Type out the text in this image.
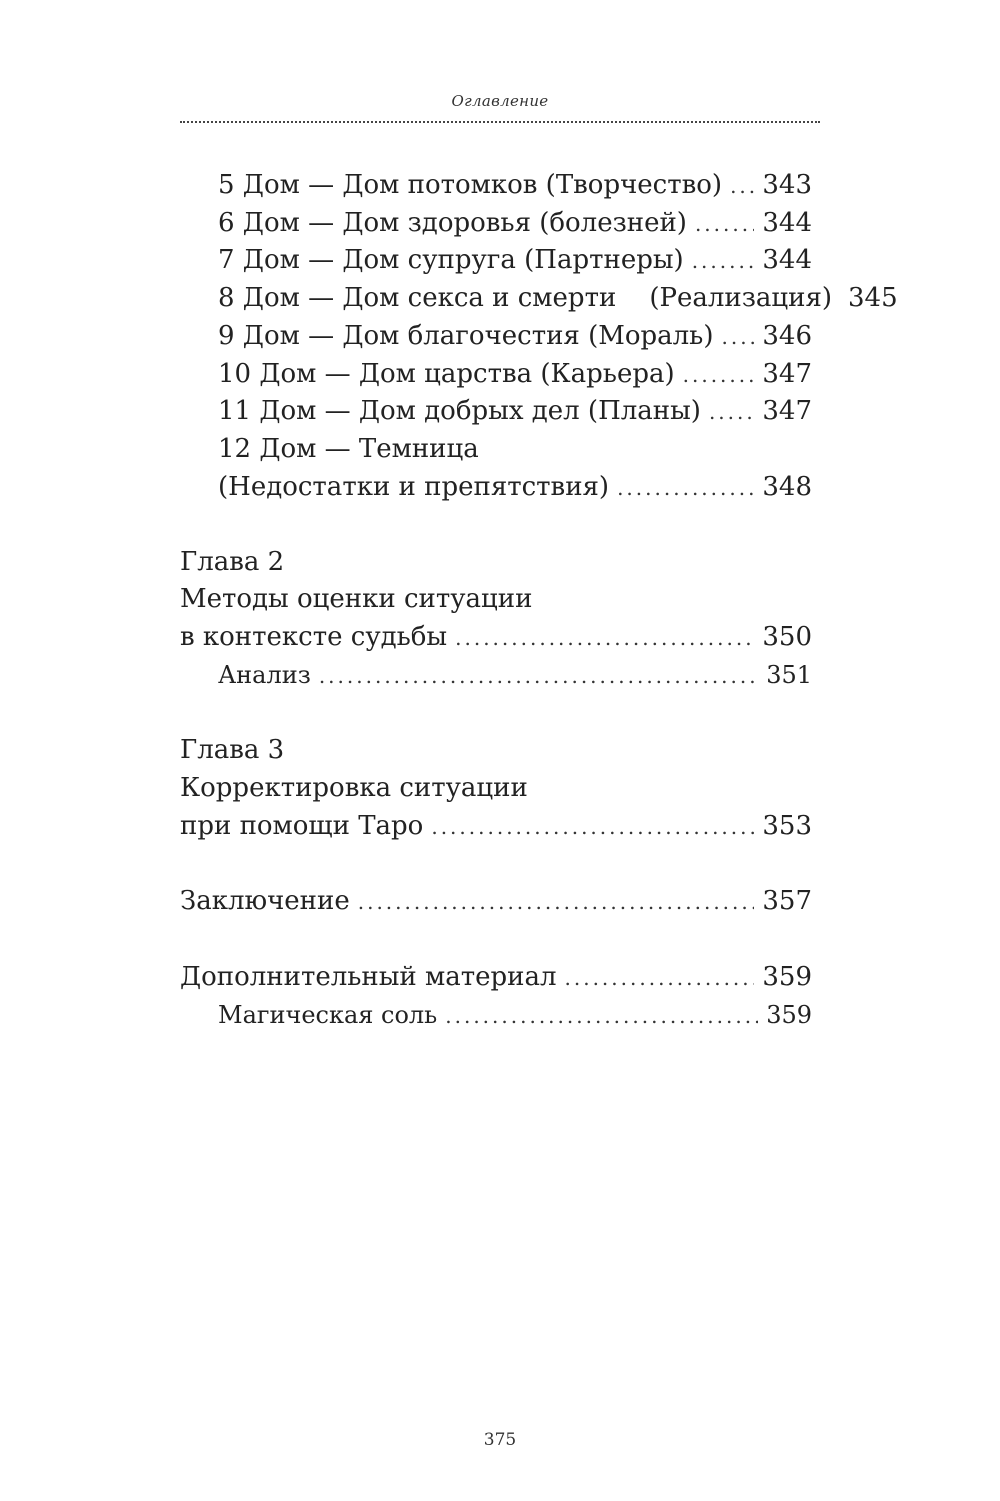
Оглавление
5 Дом — Дом потомков (Творчество) ..... 343
6 Дом — Дом здоровья (болезней) .....	344
7 Дом — Дом супруга (Партнеры) .....	344
8 Дом — Дом секса и смерти    (Реализация) 345
9 Дом — Дом благочестия (Мораль) ..... 346
10 Дом — Дом царства (Карьера) .....	347
11 Дом — Дом добрых дел (Планы) ..... 347
12 Дом — Темница
(Недостатки и препятствия) .....	348
Глава 2
Методы оценки ситуации
в контексте судьбы .....	350
Анализ .....	351
Глава 3
Корректировка ситуации
при помощи Таро .....	353
Заключение .....	357
Дополнительный материал .....	359
Магическая соль .....	359
375
